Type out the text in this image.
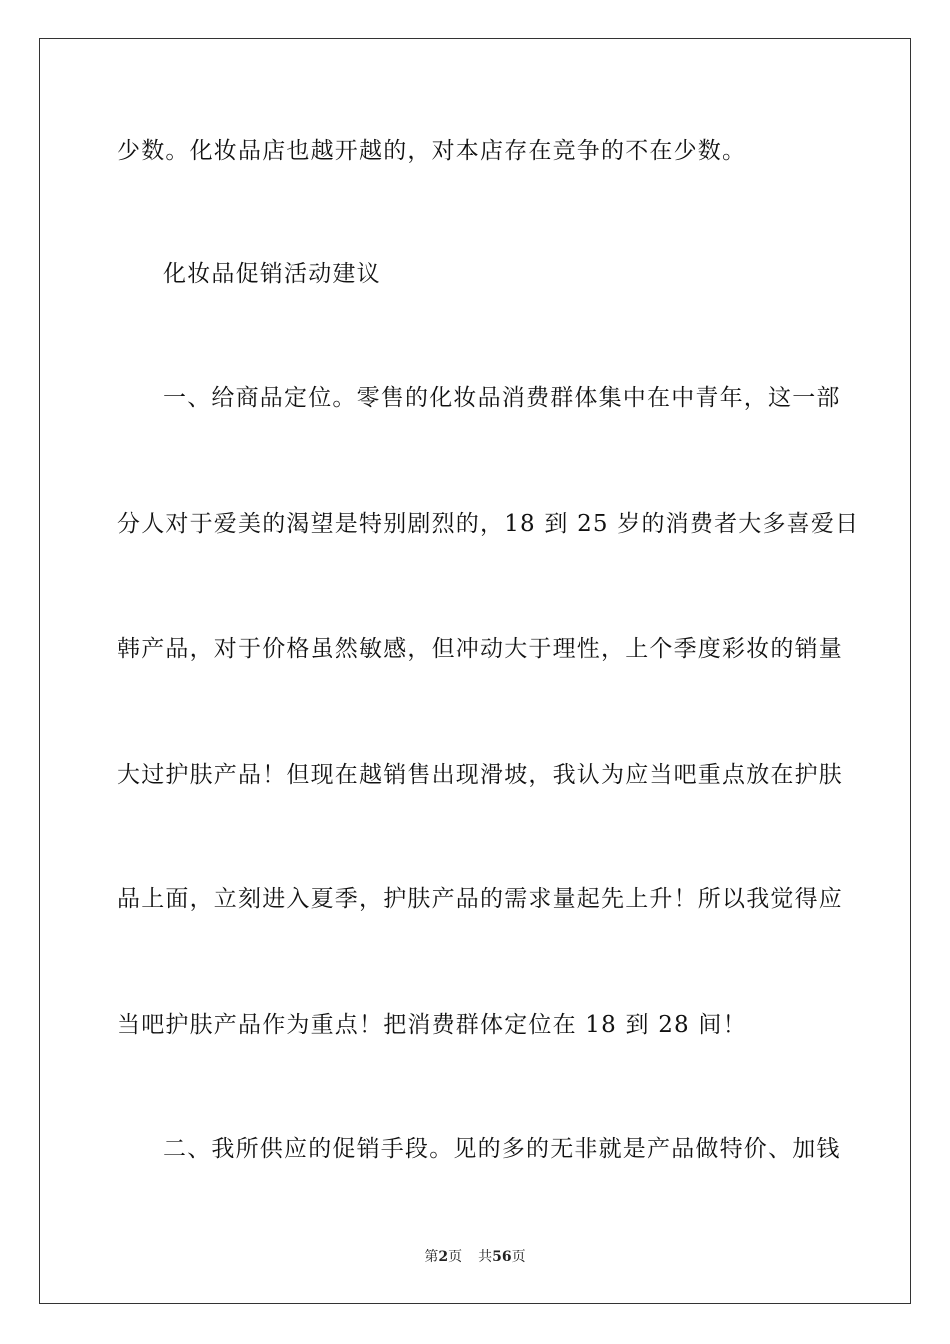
少数。化妆品店也越开越的，对本店存在竞争的不在少数。
化妆品促销活动建议
一、给商品定位。零售的化妆品消费群体集中在中青年，这一部
分人对于爱美的渴望是特别剧烈的，18 到 25 岁的消费者大多喜爱日
韩产品，对于价格虽然敏感，但冲动大于理性，上个季度彩妆的销量
大过护肤产品！但现在越销售出现滑坡，我认为应当吧重点放在护肤
品上面，立刻进入夏季，护肤产品的需求量起先上升！所以我觉得应
当吧护肤产品作为重点！把消费群体定位在 18 到 28 间！
二、我所供应的促销手段。见的多的无非就是产品做特价、加钱
第2页 共56页
